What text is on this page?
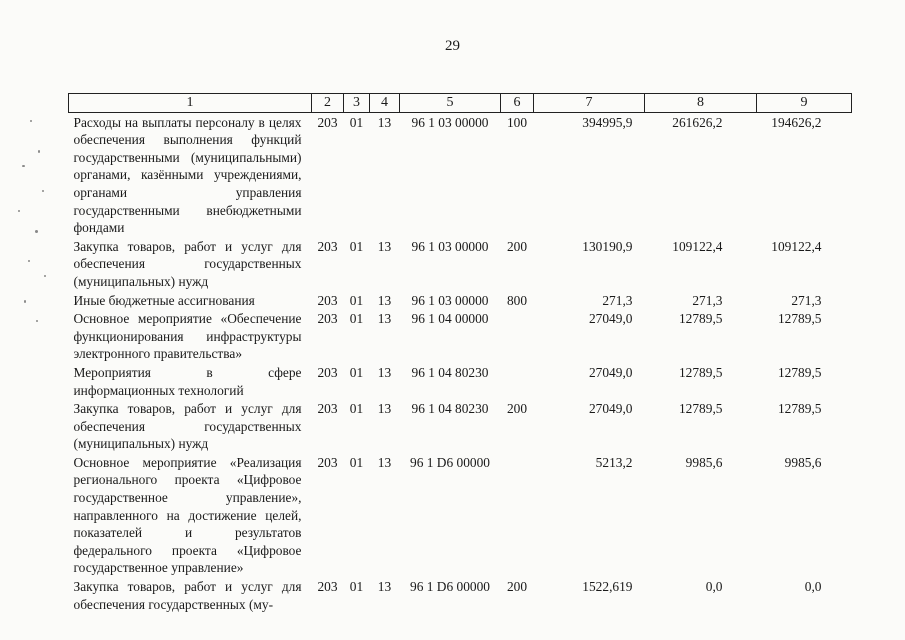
29
1	2	3	4	5	6	7	8	9
Расходы на выплаты персоналу в целях обеспечения выполнения функций государственными (муниципальными) органами, казёнными учреждениями, органами управления государственными внебюджетными фондами	203	01	13	96 1 03 00000	100	394995,9	261626,2	194626,2
Закупка товаров, работ и услуг для обеспечения государственных (муниципальных) нужд	203	01	13	96 1 03 00000	200	130190,9	109122,4	109122,4
Иные бюджетные ассигнования	203	01	13	96 1 03 00000	800	271,3	271,3	271,3
Основное мероприятие «Обеспечение функционирования инфраструктуры электронного правительства»	203	01	13	96 1 04 00000		27049,0	12789,5	12789,5
Мероприятия в сфере информационных технологий	203	01	13	96 1 04 80230		27049,0	12789,5	12789,5
Закупка товаров, работ и услуг для обеспечения государственных (муниципальных) нужд	203	01	13	96 1 04 80230	200	27049,0	12789,5	12789,5
Основное мероприятие «Реализация регионального проекта «Цифровое государственное управление», направленного на достижение целей, показателей и результатов федерального проекта «Цифровое государственное управление»	203	01	13	96 1 D6 00000		5213,2	9985,6	9985,6
Закупка товаров, работ и услуг для обеспечения государственных (му-	203	01	13	96 1 D6 00000	200	1522,619	0,0	0,0
